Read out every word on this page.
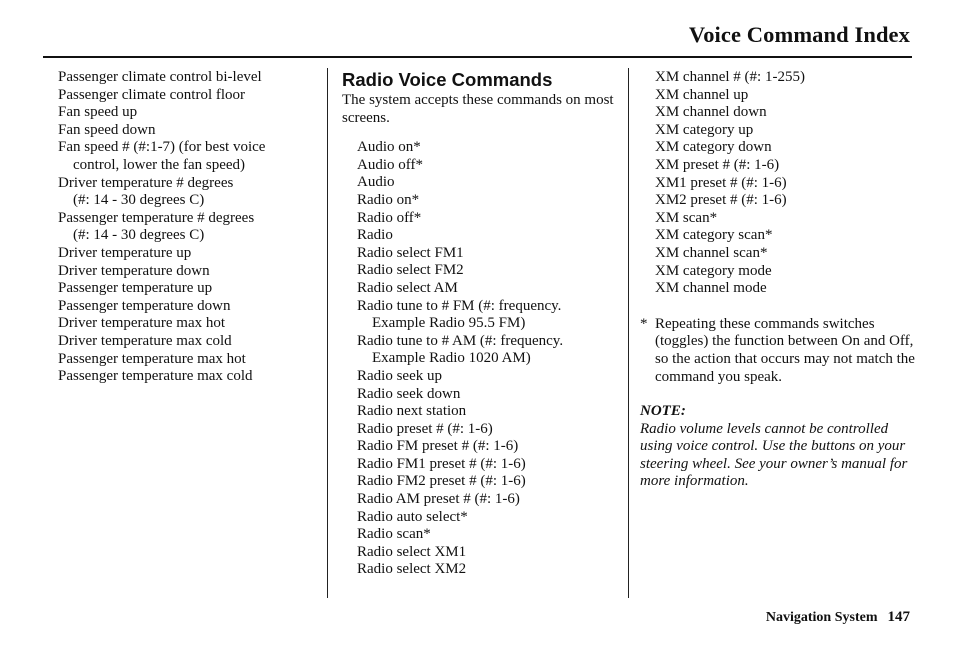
Voice Command Index
Passenger climate control bi-level
Passenger climate control floor
Fan speed up
Fan speed down
Fan speed # (#:1-7) (for best voice
control, lower the fan speed)
Driver temperature # degrees
(#: 14 - 30 degrees C)
Passenger temperature # degrees
(#: 14 - 30 degrees C)
Driver temperature up
Driver temperature down
Passenger temperature up
Passenger temperature down
Driver temperature max hot
Driver temperature max cold
Passenger temperature max hot
Passenger temperature max cold
Radio Voice Commands

The system accepts these commands on most screens.

Audio on*
Audio off*
Audio
Radio on*
Radio off*
Radio
Radio select FM1
Radio select FM2
Radio select AM
Radio tune to # FM (#: frequency.
Example Radio 95.5 FM)
Radio tune to # AM (#: frequency.
Example Radio 1020 AM)
Radio seek up
Radio seek down
Radio next station
Radio preset # (#: 1-6)
Radio FM preset # (#: 1-6)
Radio FM1 preset # (#: 1-6)
Radio FM2 preset # (#: 1-6)
Radio AM preset # (#: 1-6)
Radio auto select*
Radio scan*
Radio select XM1
Radio select XM2
XM channel # (#: 1-255)
XM channel up
XM channel down
XM category up
XM category down
XM preset # (#: 1-6)
XM1 preset # (#: 1-6)
XM2 preset # (#: 1-6)
XM scan*
XM category scan*
XM channel scan*
XM category mode
XM channel mode
* Repeating these commands switches (toggles) the function between On and Off, so the action that occurs may not match the command you speak.
NOTE:
Radio volume levels cannot be controlled using voice control. Use the buttons on your steering wheel. See your owner’s manual for more information.
Navigation System 147
